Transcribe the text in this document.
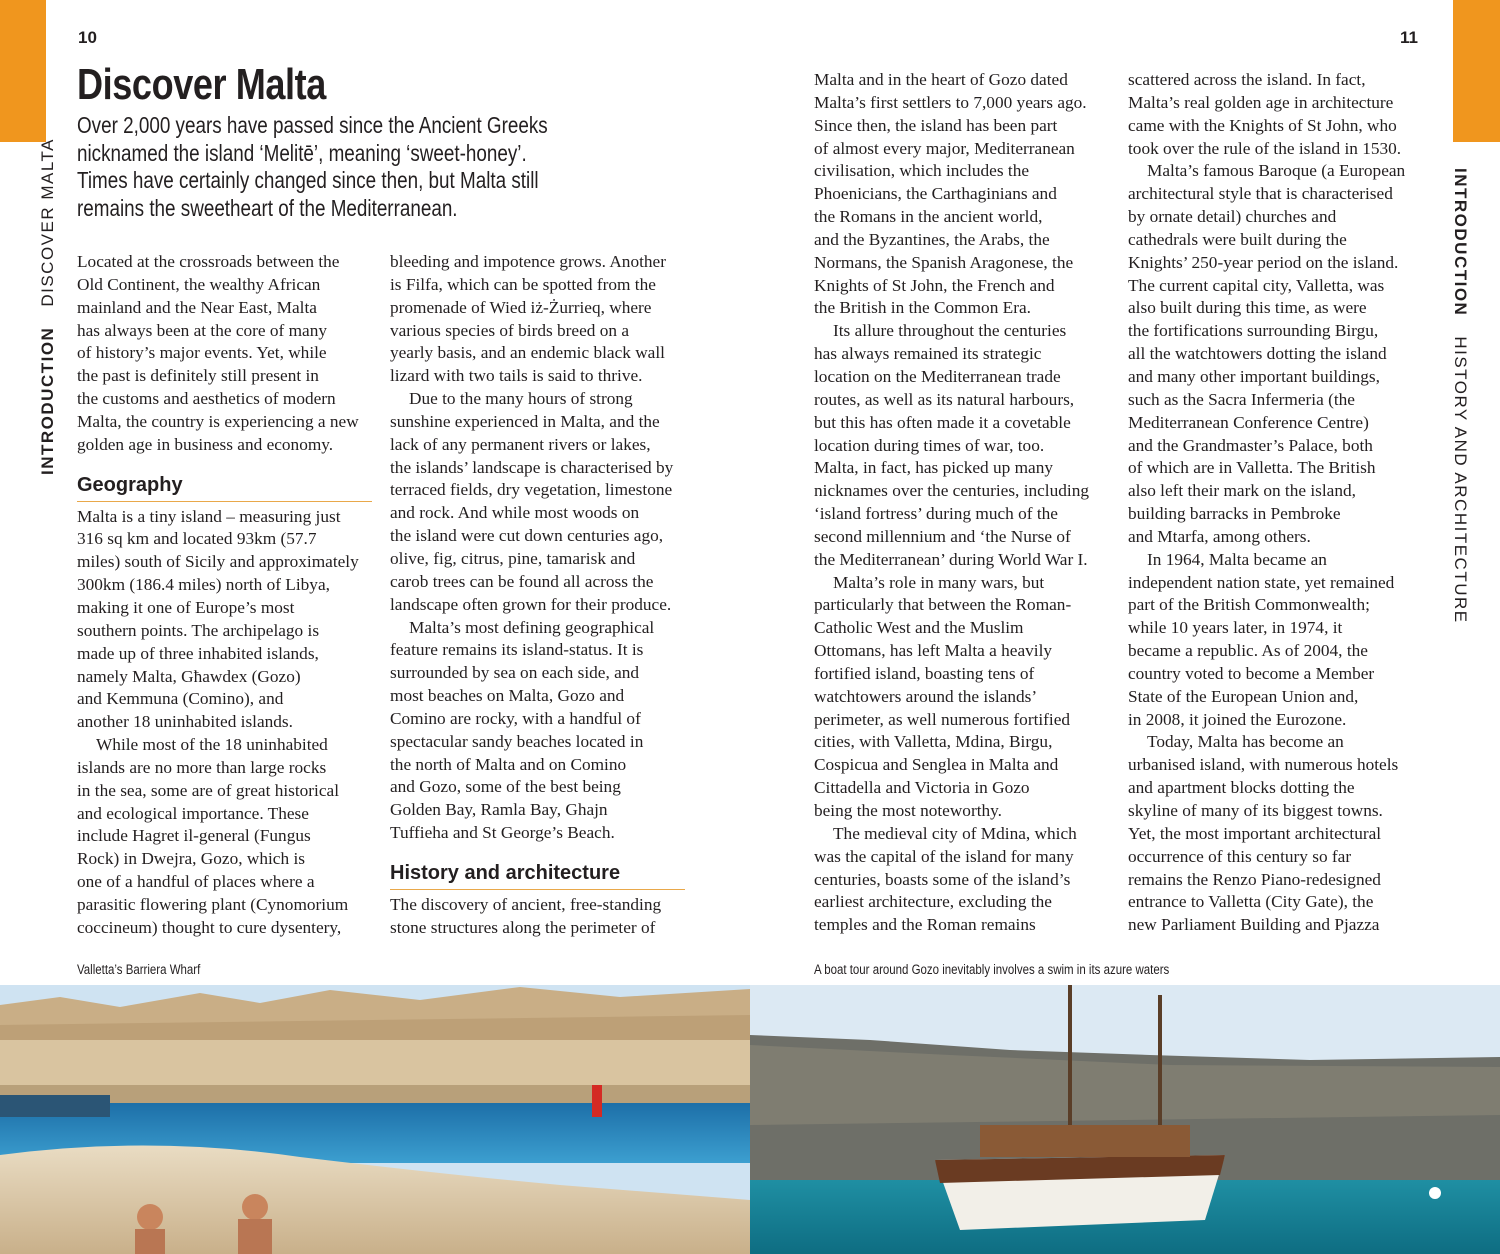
10	11
INTRODUCTIONDISCOVER MALTA	INTRODUCTIONHISTORY AND ARCHITECTURE
Discover Malta
Over 2,000 years have passed since the Ancient Greeks
nicknamed the island ‘Melitē’, meaning ‘sweet-honey’.
Times have certainly changed since then, but Malta still
remains the sweetheart of the Mediterranean.
Located at the crossroads between the
Old Continent, the wealthy African
mainland and the Near East, Malta
has always been at the core of many
of history’s major events. Yet, while
the past is definitely still present in
the customs and aesthetics of modern
Malta, the country is experiencing a new
golden age in business and economy.
Geography
Malta is a tiny island – measuring just
316 sq km and located 93km (57.7
miles) south of Sicily and approximately
300km (186.4 miles) north of Libya,
making it one of Europe’s most
southern points. The archipelago is
made up of three inhabited islands,
namely Malta, Għawdex (Gozo)
and Kemmuna (Comino), and
another 18 uninhabited islands.
While most of the 18 uninhabited
islands are no more than large rocks
in the sea, some are of great historical
and ecological importance. These
include Hagret il-general (Fungus
Rock) in Dwejra, Gozo, which is
one of a handful of places where a
parasitic flowering plant (Cynomorium
coccineum) thought to cure dysentery,
bleeding and impotence grows. Another
is Filfa, which can be spotted from the
promenade of Wied iż-Żurrieq, where
various species of birds breed on a
yearly basis, and an endemic black wall
lizard with two tails is said to thrive.
Due to the many hours of strong
sunshine experienced in Malta, and the
lack of any permanent rivers or lakes,
the islands’ landscape is characterised by
terraced fields, dry vegetation, limestone
and rock. And while most woods on
the island were cut down centuries ago,
olive, fig, citrus, pine, tamarisk and
carob trees can be found all across the
landscape often grown for their produce.
Malta’s most defining geographical
feature remains its island-status. It is
surrounded by sea on each side, and
most beaches on Malta, Gozo and
Comino are rocky, with a handful of
spectacular sandy beaches located in
the north of Malta and on Comino
and Gozo, some of the best being
Golden Bay, Ramla Bay, Ghajn
Tuffieha and St George’s Beach.
History and architecture
The discovery of ancient, free-standing
stone structures along the perimeter of
Malta and in the heart of Gozo dated
Malta’s first settlers to 7,000 years ago.
Since then, the island has been part
of almost every major, Mediterranean
civilisation, which includes the
Phoenicians, the Carthaginians and
the Romans in the ancient world,
and the Byzantines, the Arabs, the
Normans, the Spanish Aragonese, the
Knights of St John, the French and
the British in the Common Era.
Its allure throughout the centuries
has always remained its strategic
location on the Mediterranean trade
routes, as well as its natural harbours,
but this has often made it a covetable
location during times of war, too.
Malta, in fact, has picked up many
nicknames over the centuries, including
‘island fortress’ during much of the
second millennium and ‘the Nurse of
the Mediterranean’ during World War I.
Malta’s role in many wars, but
particularly that between the Roman-
Catholic West and the Muslim
Ottomans, has left Malta a heavily
fortified island, boasting tens of
watchtowers around the islands’
perimeter, as well numerous fortified
cities, with Valletta, Mdina, Birgu,
Cospicua and Senglea in Malta and
Cittadella and Victoria in Gozo
being the most noteworthy.
The medieval city of Mdina, which
was the capital of the island for many
centuries, boasts some of the island’s
earliest architecture, excluding the
temples and the Roman remains
scattered across the island. In fact,
Malta’s real golden age in architecture
came with the Knights of St John, who
took over the rule of the island in 1530.
Malta’s famous Baroque (a European
architectural style that is characterised
by ornate detail) churches and
cathedrals were built during the
Knights’ 250-year period on the island.
The current capital city, Valletta, was
also built during this time, as were
the fortifications surrounding Birgu,
all the watchtowers dotting the island
and many other important buildings,
such as the Sacra Infermeria (the
Mediterranean Conference Centre)
and the Grandmaster’s Palace, both
of which are in Valletta. The British
also left their mark on the island,
building barracks in Pembroke
and Mtarfa, among others.
In 1964, Malta became an
independent nation state, yet remained
part of the British Commonwealth;
while 10 years later, in 1974, it
became a republic. As of 2004, the
country voted to become a Member
State of the European Union and,
in 2008, it joined the Eurozone.
Today, Malta has become an
urbanised island, with numerous hotels
and apartment blocks dotting the
skyline of many of its biggest towns.
Yet, the most important architectural
occurrence of this century so far
remains the Renzo Piano-redesigned
entrance to Valletta (City Gate), the
new Parliament Building and Pjazza
Valletta’s Barriera Wharf	A boat tour around Gozo inevitably involves a swim in its azure waters
